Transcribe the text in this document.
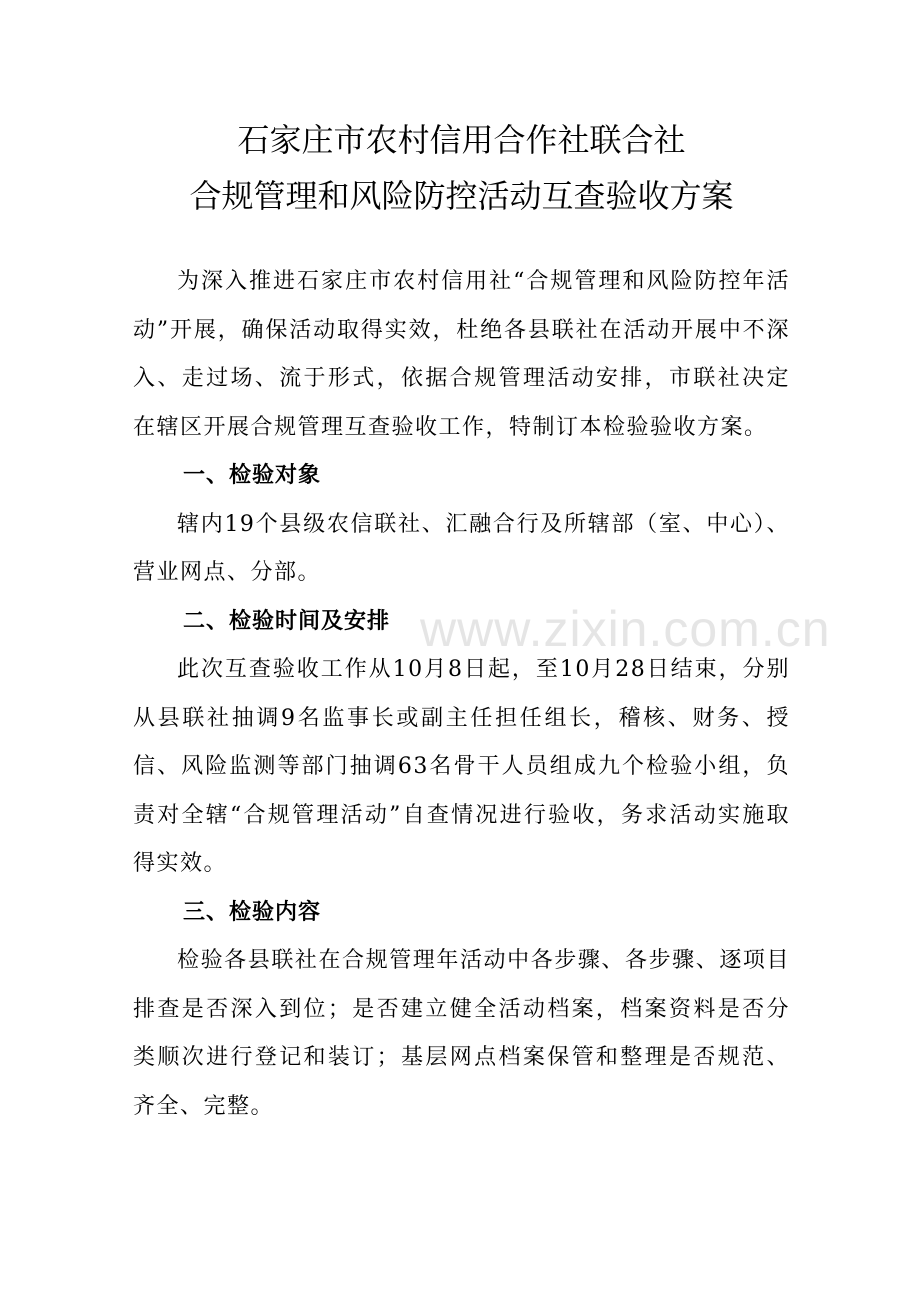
石家庄市农村信用合作社联合社
合规管理和风险防控活动互查验收方案

为深入推进石家庄市农村信用社“合规管理和风险防控年活动”开展，确保活动取得实效，杜绝各县联社在活动开展中不深入、走过场、流于形式，依据合规管理活动安排，市联社决定在辖区开展合规管理互查验收工作，特制订本检验验收方案。

一、检验对象

辖内19个县级农信联社、汇融合行及所辖部（室、中心）、营业网点、分部。

二、检验时间及安排

此次互查验收工作从10月8日起，至10月28日结束，分别从县联社抽调9名监事长或副主任担任组长，稽核、财务、授信、风险监测等部门抽调63名骨干人员组成九个检验小组，负责对全辖“合规管理活动”自查情况进行验收，务求活动实施取得实效。

三、检验内容

检验各县联社在合规管理年活动中各步骤、各步骤、逐项目排查是否深入到位；是否建立健全活动档案，档案资料是否分类顺次进行登记和装订；基层网点档案保管和整理是否规范、齐全、完整。

www.zixin.com.cn
